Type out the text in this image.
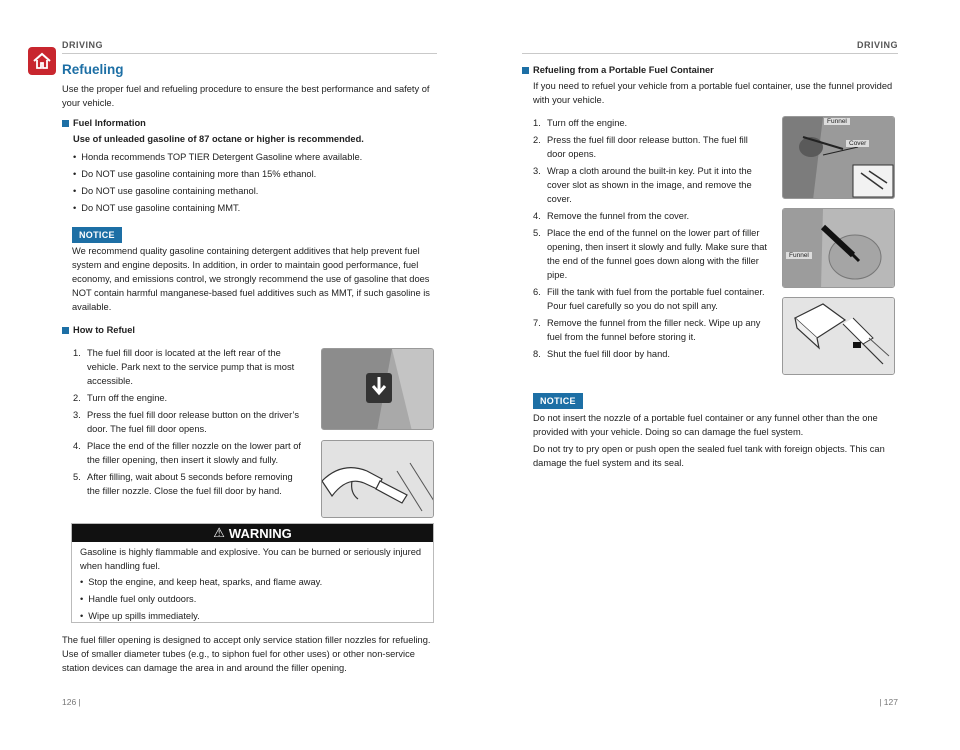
DRIVING
Refueling
Use the proper fuel and refueling procedure to ensure the best performance and safety of your vehicle.
Fuel Information
Use of unleaded gasoline of 87 octane or higher is recommended.
• Honda recommends TOP TIER Detergent Gasoline where available.
• Do NOT use gasoline containing more than 15% ethanol.
• Do NOT use gasoline containing methanol.
• Do NOT use gasoline containing MMT.
NOTICE
We recommend quality gasoline containing detergent additives that help prevent fuel system and engine deposits. In addition, in order to maintain good performance, fuel economy, and emissions control, we strongly recommend the use of gasoline that does NOT contain harmful manganese-based fuel additives such as MMT, if such gasoline is available.
How to Refuel
1. The fuel fill door is located at the left rear of the vehicle. Park next to the service pump that is most accessible.
2. Turn off the engine.
3. Press the fuel fill door release button on the driver’s door. The fuel fill door opens.
4. Place the end of the filler nozzle on the lower part of the filler opening, then insert it slowly and fully.
5. After filling, wait about 5 seconds before removing the filler nozzle. Close the fuel fill door by hand.
⚠ WARNING
Gasoline is highly flammable and explosive. You can be burned or seriously injured when handling fuel.
• Stop the engine, and keep heat, sparks, and flame away.
• Handle fuel only outdoors.
• Wipe up spills immediately.
The fuel filler opening is designed to accept only service station filler nozzles for refueling. Use of smaller diameter tubes (e.g., to siphon fuel for other uses) or other non-service station devices can damage the area in and around the filler opening.
126 |
DRIVING
Refueling from a Portable Fuel Container
If you need to refuel your vehicle from a portable fuel container, use the funnel provided with your vehicle.
1. Turn off the engine.
2. Press the fuel fill door release button. The fuel fill door opens.
3. Wrap a cloth around the built-in key. Put it into the cover slot as shown in the image, and remove the cover.
4. Remove the funnel from the cover.
5. Place the end of the funnel on the lower part of filler opening, then insert it slowly and fully. Make sure that the end of the funnel goes down along with the filler pipe.
6. Fill the tank with fuel from the portable fuel container. Pour fuel carefully so you do not spill any.
7. Remove the funnel from the filler neck. Wipe up any fuel from the funnel before storing it.
8. Shut the fuel fill door by hand.
Funnel
Cover
Funnel
NOTICE
Do not insert the nozzle of a portable fuel container or any funnel other than the one provided with your vehicle. Doing so can damage the fuel system.
Do not try to pry open or push open the sealed fuel tank with foreign objects. This can damage the fuel system and its seal.
| 127
